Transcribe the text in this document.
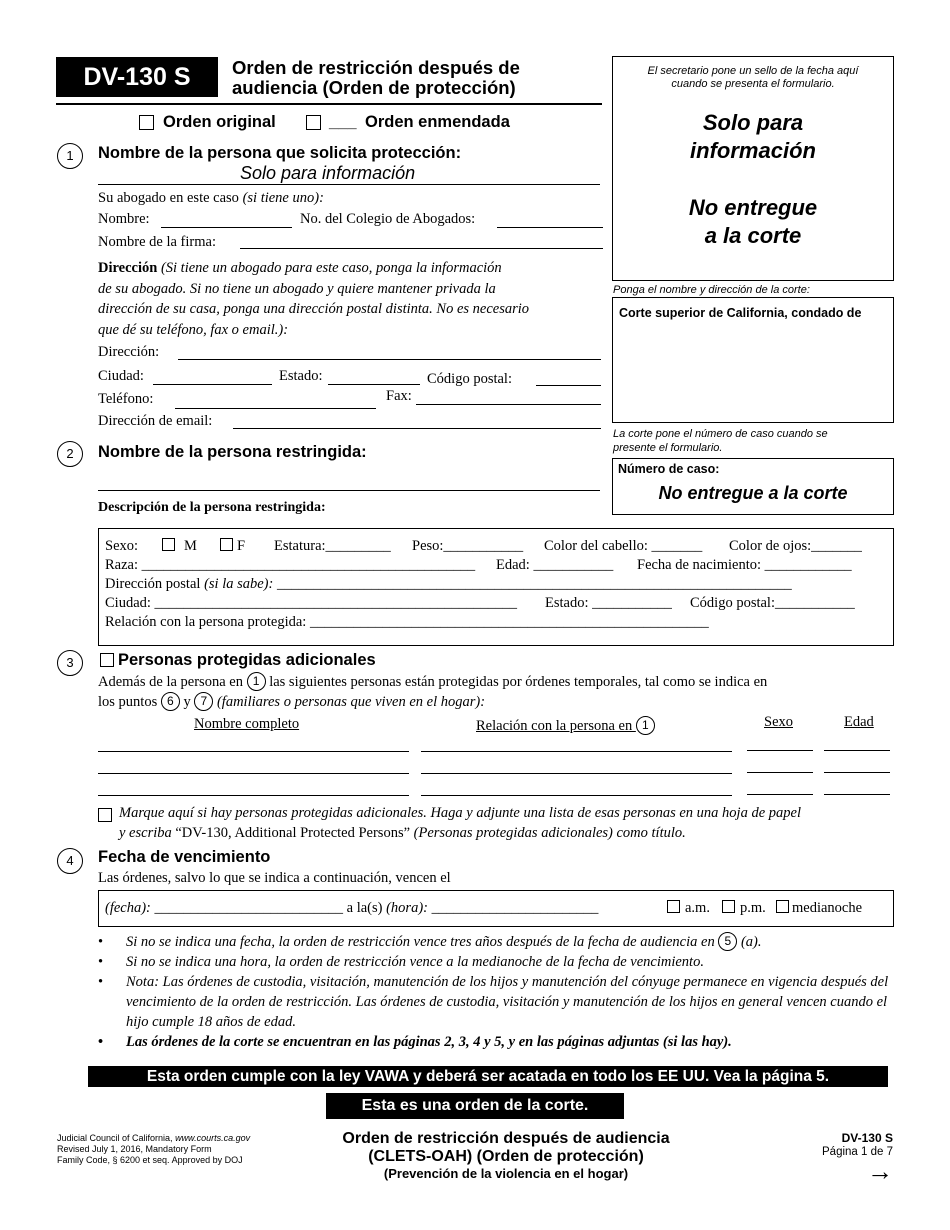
DV-130 S	Orden de restricción después de
audiencia (Orden de protección)
Orden original	___ Orden enmendada
El secretario pone un sello de la fecha aquí
cuando se presenta el formulario.
Solo para
información
No entregue
a la corte
Ponga el nombre y dirección de la corte:
Corte superior de California, condado de
La corte pone el número de caso cuando se
presente el formulario.
Número de caso:
No entregue a la corte
1	Nombre de la persona que solicita protección:
Solo para información
Su abogado en este caso (si tiene uno):
Nombre:	No. del Colegio de Abogados:
Nombre de la firma:
Dirección (Si tiene un abogado para este caso, ponga la información
de su abogado. Si no tiene un abogado y quiere mantener privada la
dirección de su casa, ponga una dirección postal distinta. No es necesario
que dé su teléfono, fax o email.):
Dirección:
Ciudad:	Estado:	Código postal:
Teléfono:	Fax:
Dirección de email:
2	Nombre de la persona restringida:
Descripción de la persona restringida:
Sexo:	M	F Estatura:_________ Peso:___________ Color del cabello: _______ Color de ojos:_______
Raza: ______________________________________________ Edad: ___________ Fecha de nacimiento: ____________
Dirección postal (si la sabe): _______________________________________________________________________
Ciudad: __________________________________________________ Estado: ___________ Código postal:___________
Relación con la persona protegida: _______________________________________________________
3	Personas protegidas adicionales
Además de la persona en 1 las siguientes personas están protegidas por órdenes temporales, tal como se indica en
los puntos 6 y 7 (familiares o personas que viven en el hogar):
Nombre completo	Relación con la persona en 1	Sexo	Edad
Marque aquí si hay personas protegidas adicionales. Haga y adjunte una lista de esas personas en una hoja de papel
y escriba “DV-130, Additional Protected Persons” (Personas protegidas adicionales) como título.
4	Fecha de vencimiento
Las órdenes, salvo lo que se indica a continuación, vencen el
(fecha): __________________________ a la(s) (hora): _______________________	a.m. p.m. medianoche
• Si no se indica una fecha, la orden de restricción vence tres años después de la fecha de audiencia en 5 (a).
• Si no se indica una hora, la orden de restricción vence a la medianoche de la fecha de vencimiento.
• Nota: Las órdenes de custodia, visitación, manutención de los hijos y manutención del cónyuge permanece en vigencia después del vencimiento de la orden de restricción. Las órdenes de custodia, visitación y manutención de los hijos en general vencen cuando el hijo cumple 18 años de edad.
• Las órdenes de la corte se encuentran en las páginas 2, 3, 4 y 5, y en las páginas adjuntas (si las hay).
Esta orden cumple con la ley VAWA y deberá ser acatada en todo los EE UU. Vea la página 5.
Esta es una orden de la corte.
Judicial Council of California, www.courts.ca.gov
Revised July 1, 2016, Mandatory Form
Family Code, § 6200 et seq. Approved by DOJ
Orden de restricción después de audiencia
(CLETS-OAH) (Orden de protección)
(Prevención de la violencia en el hogar)
DV-130 S
Página 1 de 7
→
